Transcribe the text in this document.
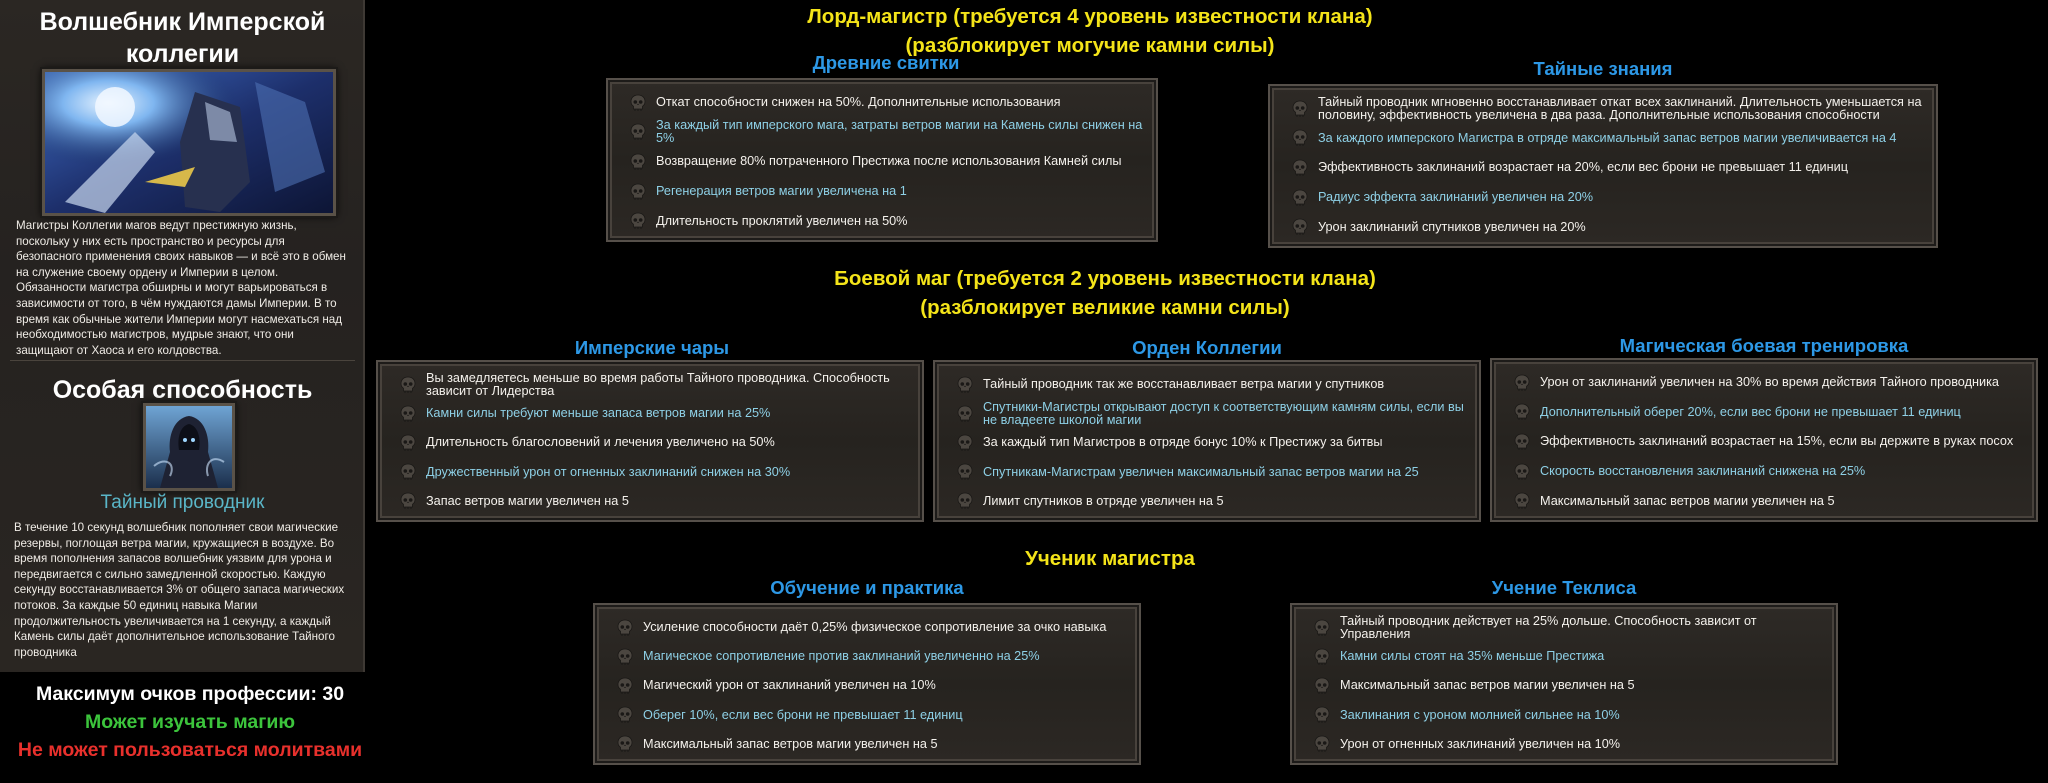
Волшебник Имперской коллегии
Магистры Коллегии магов ведут престижную жизнь, поскольку у них есть пространство и ресурсы для безопасного применения своих навыков — и всё это в обмен на служение своему ордену и Империи в целом. Обязанности магистра обширны и могут варьироваться в зависимости от того, в чём нуждаются дамы Империи. В то время как обычные жители Империи могут насмехаться над необходимостью магистров, мудрые знают, что они защищают от Хаоса и его колдовства.
Особая способность
Тайный проводник
В течение 10 секунд волшебник пополняет свои магические резервы, поглощая ветра магии, кружащиеся в воздухе. Во время пополнения запасов волшебник уязвим для урона и передвигается с сильно замедленной скоростью. Каждую секунду восстанавливается 3% от общего запаса магических потоков. За каждые 50 единиц навыка Магии продолжительность увеличивается на 1 секунду, а каждый Камень силы даёт дополнительное использование Тайного проводника
Максимум очков профессии: 30
Может изучать магию
Не может пользоваться молитвами
Лорд-магистр (требуется 4 уровень известности клана)
(разблокирует могучие камни силы)
Боевой маг (требуется 2 уровень известности клана)
(разблокирует великие камни силы)
Ученик магистра
Древние свитки	Тайные знания
Имперские чары	Орден Коллегии	Магическая боевая тренировка
Обучение и практика	Учение Теклиса
Откат способности снижен на 50%. Дополнительные использования
За каждый тип имперского мага, затраты ветров магии на Камень силы снижен на 5%
Возвращение 80% потраченного Престижа после использования Камней силы
Регенерация ветров магии увеличена на 1
Длительность проклятий увеличен на 50%
Тайный проводник мгновенно восстанавливает откат всех заклинаний. Длительность уменьшается на половину, эффективность увеличена в два раза. Дополнительные использования способности
За каждого имперского Магистра в отряде максимальный запас ветров магии увеличивается на 4
Эффективность заклинаний возрастает на 20%, если вес брони не превышает 11 единиц
Радиус эффекта заклинаний увеличен на 20%
Урон заклинаний спутников увеличен на 20%
Вы замедляетесь меньше во время работы Тайного проводника. Способность зависит от Лидерства
Камни силы требуют меньше запаса ветров магии на 25%
Длительность благословений и лечения увеличено на 50%
Дружественный урон от огненных заклинаний снижен на 30%
Запас ветров магии увеличен на 5
Тайный проводник так же восстанавливает ветра магии у спутников
Спутники-Магистры открывают доступ к соответствующим камням силы, если вы не владеете школой магии
За каждый тип Магистров в отряде бонус 10% к Престижу за битвы
Спутникам-Магистрам увеличен максимальный запас ветров магии на 25
Лимит спутников в отряде увеличен на 5
Урон от заклинаний увеличен на 30% во время действия Тайного проводника
Дополнительный оберег 20%, если вес брони не превышает 11 единиц
Эффективность заклинаний возрастает на 15%, если вы держите в руках посох
Скорость восстановления заклинаний снижена на 25%
Максимальный запас ветров магии увеличен на 5
Усиление способности даёт 0,25% физическое сопротивление за очко навыка
Магическое сопротивление против заклинаний увеличенно на 25%
Магический урон от заклинаний увеличен на 10%
Оберег 10%, если вес брони не превышает 11 единиц
Максимальный запас ветров магии увеличен на 5
Тайный проводник действует на 25% дольше. Способность зависит от Управления
Камни силы стоят на 35% меньше Престижа
Максимальный запас ветров магии увеличен на 5
Заклинания с уроном молнией сильнее на 10%
Урон от огненных заклинаний увеличен на 10%
